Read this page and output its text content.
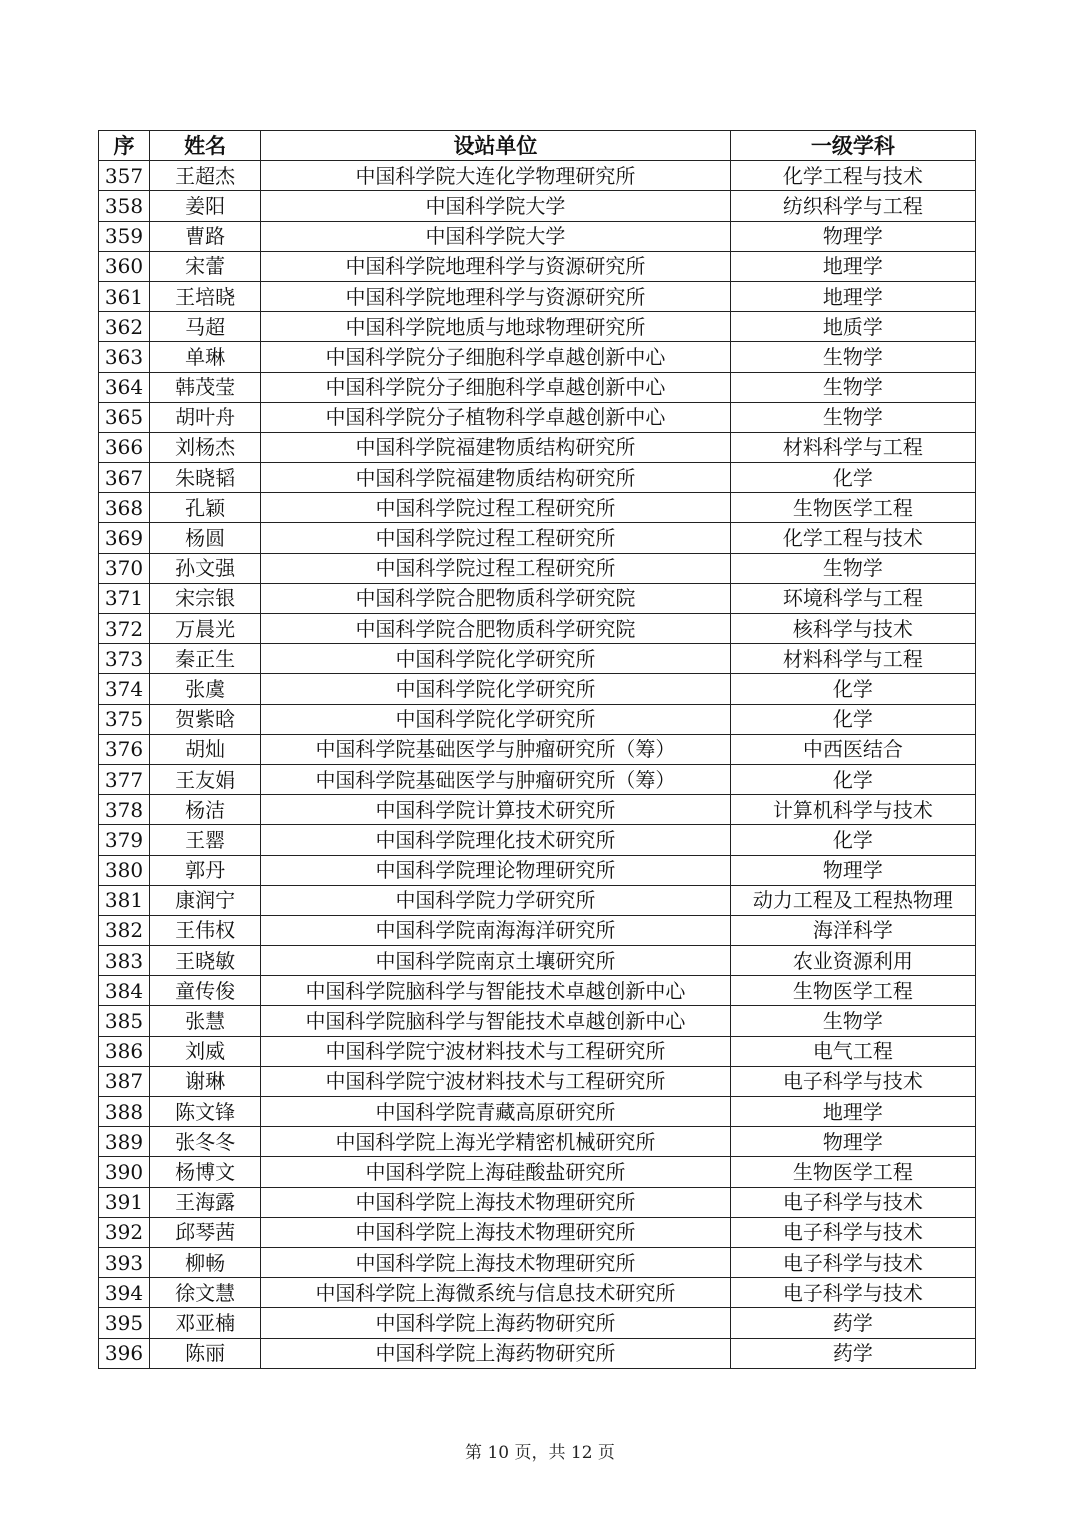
序	姓名	设站单位	一级学科
357	王超杰	中国科学院大连化学物理研究所	化学工程与技术
358	姜阳	中国科学院大学	纺织科学与工程
359	曹路	中国科学院大学	物理学
360	宋蕾	中国科学院地理科学与资源研究所	地理学
361	王培晓	中国科学院地理科学与资源研究所	地理学
362	马超	中国科学院地质与地球物理研究所	地质学
363	单琳	中国科学院分子细胞科学卓越创新中心	生物学
364	韩茂莹	中国科学院分子细胞科学卓越创新中心	生物学
365	胡叶舟	中国科学院分子植物科学卓越创新中心	生物学
366	刘杨杰	中国科学院福建物质结构研究所	材料科学与工程
367	朱晓韬	中国科学院福建物质结构研究所	化学
368	孔颖	中国科学院过程工程研究所	生物医学工程
369	杨圆	中国科学院过程工程研究所	化学工程与技术
370	孙文强	中国科学院过程工程研究所	生物学
371	宋宗银	中国科学院合肥物质科学研究院	环境科学与工程
372	万晨光	中国科学院合肥物质科学研究院	核科学与技术
373	秦正生	中国科学院化学研究所	材料科学与工程
374	张虞	中国科学院化学研究所	化学
375	贺紫晗	中国科学院化学研究所	化学
376	胡灿	中国科学院基础医学与肿瘤研究所（筹）	中西医结合
377	王友娟	中国科学院基础医学与肿瘤研究所（筹）	化学
378	杨洁	中国科学院计算技术研究所	计算机科学与技术
379	王罂	中国科学院理化技术研究所	化学
380	郭丹	中国科学院理论物理研究所	物理学
381	康润宁	中国科学院力学研究所	动力工程及工程热物理
382	王伟权	中国科学院南海海洋研究所	海洋科学
383	王晓敏	中国科学院南京土壤研究所	农业资源利用
384	童传俊	中国科学院脑科学与智能技术卓越创新中心	生物医学工程
385	张慧	中国科学院脑科学与智能技术卓越创新中心	生物学
386	刘威	中国科学院宁波材料技术与工程研究所	电气工程
387	谢琳	中国科学院宁波材料技术与工程研究所	电子科学与技术
388	陈文锋	中国科学院青藏高原研究所	地理学
389	张冬冬	中国科学院上海光学精密机械研究所	物理学
390	杨博文	中国科学院上海硅酸盐研究所	生物医学工程
391	王海露	中国科学院上海技术物理研究所	电子科学与技术
392	邱琴茜	中国科学院上海技术物理研究所	电子科学与技术
393	柳畅	中国科学院上海技术物理研究所	电子科学与技术
394	徐文慧	中国科学院上海微系统与信息技术研究所	电子科学与技术
395	邓亚楠	中国科学院上海药物研究所	药学
396	陈丽	中国科学院上海药物研究所	药学
第 10 页，共 12 页
